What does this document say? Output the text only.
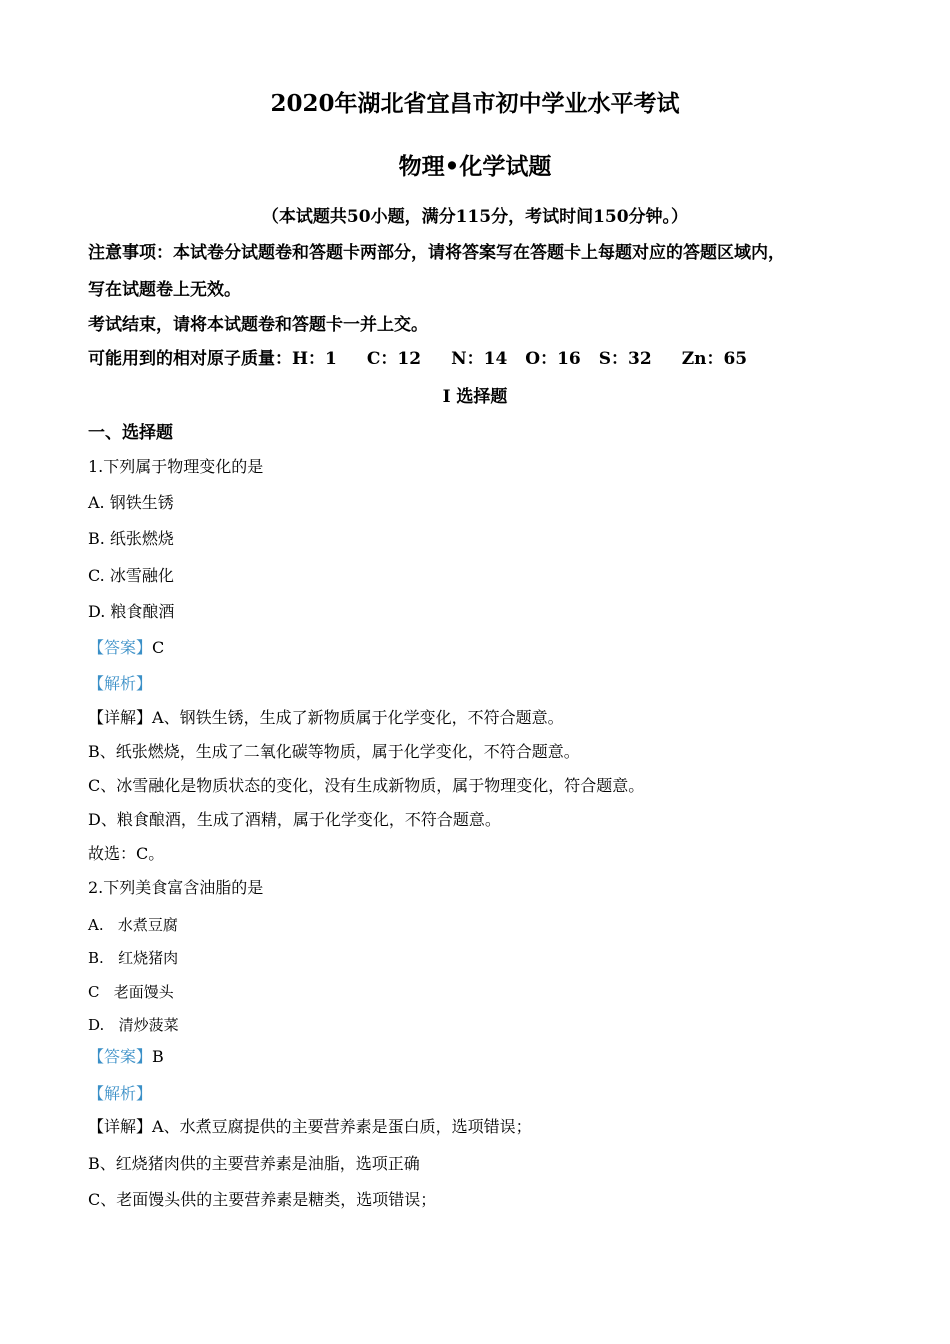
2020年湖北省宜昌市初中学业水平考试
物理•化学试题
（本试题共50小题，满分115分，考试时间150分钟。）
注意事项：本试卷分试题卷和答题卡两部分，请将答案写在答题卡上每题对应的答题区域内，
写在试题卷上无效。
考试结束，请将本试题卷和答题卡一并上交。
可能用到的相对原子质量：H：1 C：12 N：14 O：16 S：32 Zn：65
I 选择题
一、选择题
1.下列属于物理变化的是
A. 钢铁生锈
B. 纸张燃烧
C. 冰雪融化
D. 粮食酿酒
【答案】C
【解析】
【详解】A、钢铁生锈，生成了新物质属于化学变化，不符合题意。
B、纸张燃烧，生成了二氧化碳等物质，属于化学变化，不符合题意。
C、冰雪融化是物质状态的变化，没有生成新物质，属于物理变化，符合题意。
D、粮食酿酒，生成了酒精，属于化学变化，不符合题意。
故选：C。
2.下列美食富含油脂的是
A.   水煮豆腐
B.   红烧猪肉
C   老面馒头
D.   清炒菠菜
【答案】B
【解析】
【详解】A、水煮豆腐提供的主要营养素是蛋白质，选项错误；
B、红烧猪肉供的主要营养素是油脂，选项正确
C、老面馒头供的主要营养素是糖类，选项错误；
